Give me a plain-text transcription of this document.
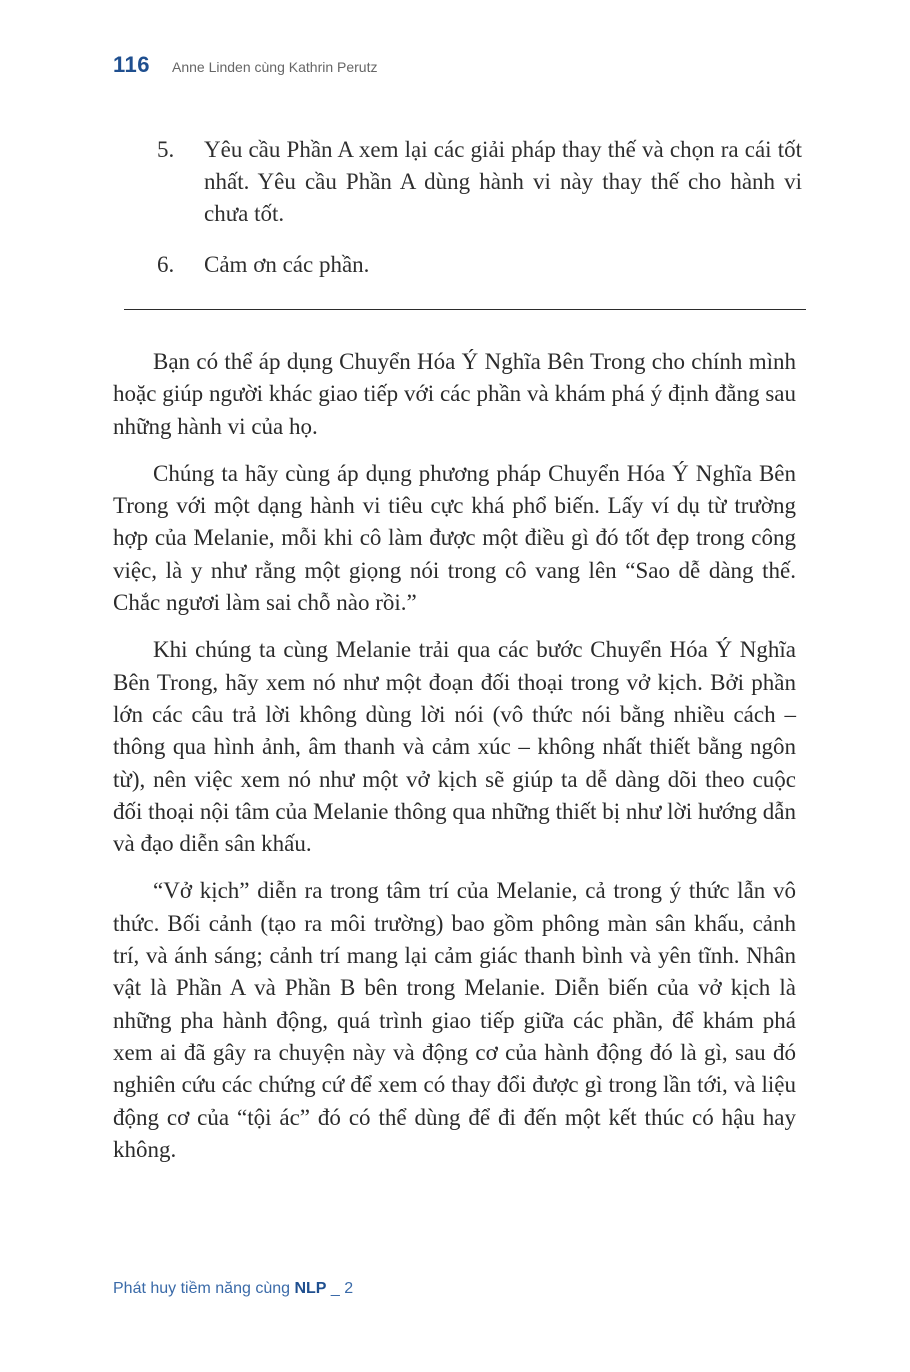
116 Anne Linden cùng Kathrin Perutz
5.	Yêu cầu Phần A xem lại các giải pháp thay thế và chọn ra cái tốt nhất. Yêu cầu Phần A dùng hành vi này thay thế cho hành vi chưa tốt.
6.	Cảm ơn các phần.

Bạn có thể áp dụng Chuyển Hóa Ý Nghĩa Bên Trong cho chính mình hoặc giúp người khác giao tiếp với các phần và khám phá ý định đằng sau những hành vi của họ.

Chúng ta hãy cùng áp dụng phương pháp Chuyển Hóa Ý Nghĩa Bên Trong với một dạng hành vi tiêu cực khá phổ biến. Lấy ví dụ từ trường hợp của Melanie, mỗi khi cô làm được một điều gì đó tốt đẹp trong công việc, là y như rằng một giọng nói trong cô vang lên “Sao dễ dàng thế. Chắc ngươi làm sai chỗ nào rồi.”

Khi chúng ta cùng Melanie trải qua các bước Chuyển Hóa Ý Nghĩa Bên Trong, hãy xem nó như một đoạn đối thoại trong vở kịch. Bởi phần lớn các câu trả lời không dùng lời nói (vô thức nói bằng nhiều cách – thông qua hình ảnh, âm thanh và cảm xúc – không nhất thiết bằng ngôn từ), nên việc xem nó như một vở kịch sẽ giúp ta dễ dàng dõi theo cuộc đối thoại nội tâm của Melanie thông qua những thiết bị như lời hướng dẫn và đạo diễn sân khấu.

“Vở kịch” diễn ra trong tâm trí của Melanie, cả trong ý thức lẫn vô thức. Bối cảnh (tạo ra môi trường) bao gồm phông màn sân khấu, cảnh trí, và ánh sáng; cảnh trí mang lại cảm giác thanh bình và yên tĩnh. Nhân vật là Phần A và Phần B bên trong Melanie. Diễn biến của vở kịch là những pha hành động, quá trình giao tiếp giữa các phần, để khám phá xem ai đã gây ra chuyện này và động cơ của hành động đó là gì, sau đó nghiên cứu các chứng cứ để xem có thay đổi được gì trong lần tới, và liệu động cơ của “tội ác” đó có thể dùng để đi đến một kết thúc có hậu hay không.

Phát huy tiềm năng cùng NLP _ 2
